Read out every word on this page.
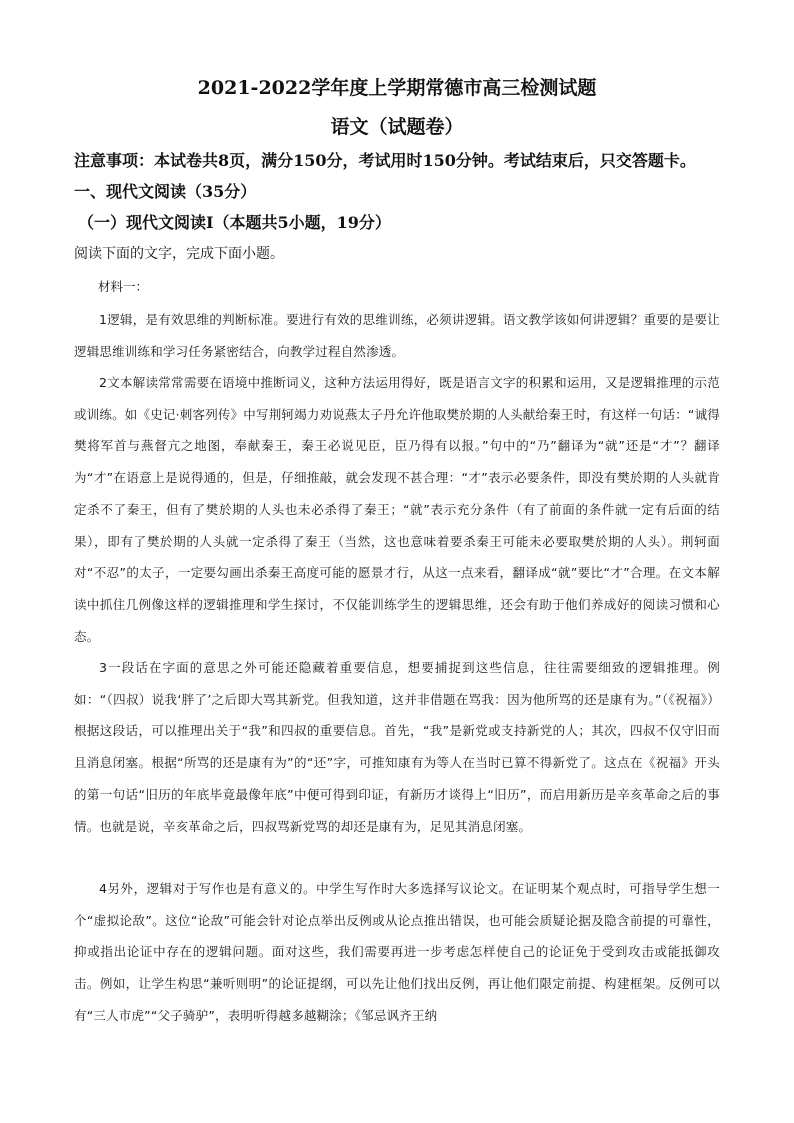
2021-2022学年度上学期常德市高三检测试题
语文（试题卷）

注意事项：本试卷共8页，满分150分，考试用时150分钟。考试结束后，只交答题卡。

一、现代文阅读（35分）

（一）现代文阅读Ⅰ（本题共5小题，19分）

阅读下面的文字，完成下面小题。

材料一：

1逻辑，是有效思维的判断标准。要进行有效的思维训练，必须讲逻辑。语文教学该如何讲逻辑？重要的是要让逻辑思维训练和学习任务紧密结合，向教学过程自然渗透。

2文本解读常常需要在语境中推断词义，这种方法运用得好，既是语言文字的积累和运用，又是逻辑推理的示范或训练。如《史记·刺客列传》中写荆轲竭力劝说燕太子丹允许他取樊於期的人头献给秦王时，有这样一句话：“诚得樊将军首与燕督亢之地图，奉献秦王，秦王必说见臣，臣乃得有以报。”句中的“乃”翻译为“就”还是“才”？翻译为“才”在语意上是说得通的，但是，仔细推敲，就会发现不甚合理：“才”表示必要条件，即没有樊於期的人头就肯定杀不了秦王，但有了樊於期的人头也未必杀得了秦王；“就”表示充分条件（有了前面的条件就一定有后面的结果），即有了樊於期的人头就一定杀得了秦王（当然，这也意味着要杀秦王可能未必要取樊於期的人头）。荆轲面对“不忍”的太子，一定要勾画出杀秦王高度可能的愿景才行，从这一点来看，翻译成“就”要比“才”合理。在文本解读中抓住几例像这样的逻辑推理和学生探讨，不仅能训练学生的逻辑思维，还会有助于他们养成好的阅读习惯和心态。

3一段话在字面的意思之外可能还隐藏着重要信息，想要捕捉到这些信息，往往需要细致的逻辑推理。例如：“（四叔）说我‘胖了’之后即大骂其新党。但我知道，这并非借题在骂我：因为他所骂的还是康有为。”（《祝福》）根据这段话，可以推理出关于“我”和四叔的重要信息。首先，“我”是新党或支持新党的人；其次，四叔不仅守旧而且消息闭塞。根据“所骂的还是康有为”的“还”字，可推知康有为等人在当时已算不得新党了。这点在《祝福》开头的第一句话“旧历的年底毕竟最像年底”中便可得到印证，有新历才谈得上“旧历”，而启用新历是辛亥革命之后的事情。也就是说，辛亥革命之后，四叔骂新党骂的却还是康有为，足见其消息闭塞。

4另外，逻辑对于写作也是有意义的。中学生写作时大多选择写议论文。在证明某个观点时，可指导学生想一个“虚拟论敌”。这位“论敌”可能会针对论点举出反例或从论点推出错误，也可能会质疑论据及隐含前提的可靠性，抑或指出论证中存在的逻辑问题。面对这些，我们需要再进一步考虑怎样使自己的论证免于受到攻击或能抵御攻击。例如，让学生构思“兼听则明”的论证提纲，可以先让他们找出反例，再让他们限定前提、构建框架。反例可以有“三人市虎”“父子骑驴”，表明听得越多越糊涂；《邹忌讽齐王纳
